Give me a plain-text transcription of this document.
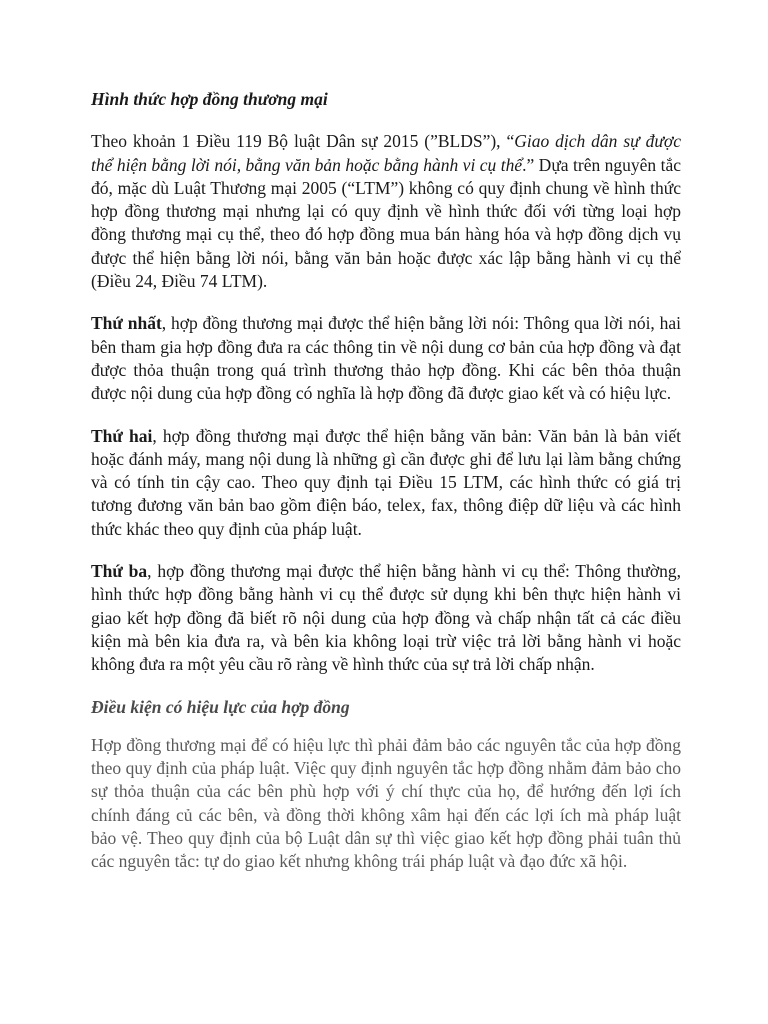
Hình thức hợp đồng thương mại

Theo khoản 1 Điều 119 Bộ luật Dân sự 2015 (”BLDS”), “Giao dịch dân sự được thể hiện bằng lời nói, bằng văn bản hoặc bằng hành vi cụ thể.” Dựa trên nguyên tắc đó, mặc dù Luật Thương mại 2005 (“LTM”) không có quy định chung về hình thức hợp đồng thương mại nhưng lại có quy định về hình thức đối với từng loại hợp đồng thương mại cụ thể, theo đó hợp đồng mua bán hàng hóa và hợp đồng dịch vụ được thể hiện bằng lời nói, bằng văn bản hoặc được xác lập bằng hành vi cụ thể (Điều 24, Điều 74 LTM).

Thứ nhất, hợp đồng thương mại được thể hiện bằng lời nói: Thông qua lời nói, hai bên tham gia hợp đồng đưa ra các thông tin về nội dung cơ bản của hợp đồng và đạt được thỏa thuận trong quá trình thương thảo hợp đồng. Khi các bên thỏa thuận được nội dung của hợp đồng có nghĩa là hợp đồng đã được giao kết và có hiệu lực.

Thứ hai, hợp đồng thương mại được thể hiện bằng văn bản: Văn bản là bản viết hoặc đánh máy, mang nội dung là những gì cần được ghi để lưu lại làm bằng chứng và có tính tin cậy cao. Theo quy định tại Điều 15 LTM, các hình thức có giá trị tương đương văn bản bao gồm điện báo, telex, fax, thông điệp dữ liệu và các hình thức khác theo quy định của pháp luật.

Thứ ba, hợp đồng thương mại được thể hiện bằng hành vi cụ thể: Thông thường, hình thức hợp đồng bằng hành vi cụ thể được sử dụng khi bên thực hiện hành vi giao kết hợp đồng đã biết rõ nội dung của hợp đồng và chấp nhận tất cả các điều kiện mà bên kia đưa ra, và bên kia không loại trừ việc trả lời bằng hành vi hoặc không đưa ra một yêu cầu rõ ràng về hình thức của sự trả lời chấp nhận.

Điều kiện có hiệu lực của hợp đồng

Hợp đồng thương mại để có hiệu lực thì phải đảm bảo các nguyên tắc của hợp đồng theo quy định của pháp luật. Việc quy định nguyên tắc hợp đồng nhằm đảm bảo cho sự thỏa thuận của các bên phù hợp với ý chí thực của họ, để hướng đến lợi ích chính đáng củ các bên, và đồng thời không xâm hại đến các lợi ích mà pháp luật bảo vệ. Theo quy định của bộ Luật dân sự thì việc giao kết hợp đồng phải tuân thủ các nguyên tắc: tự do giao kết nhưng không trái pháp luật và đạo đức xã hội.
